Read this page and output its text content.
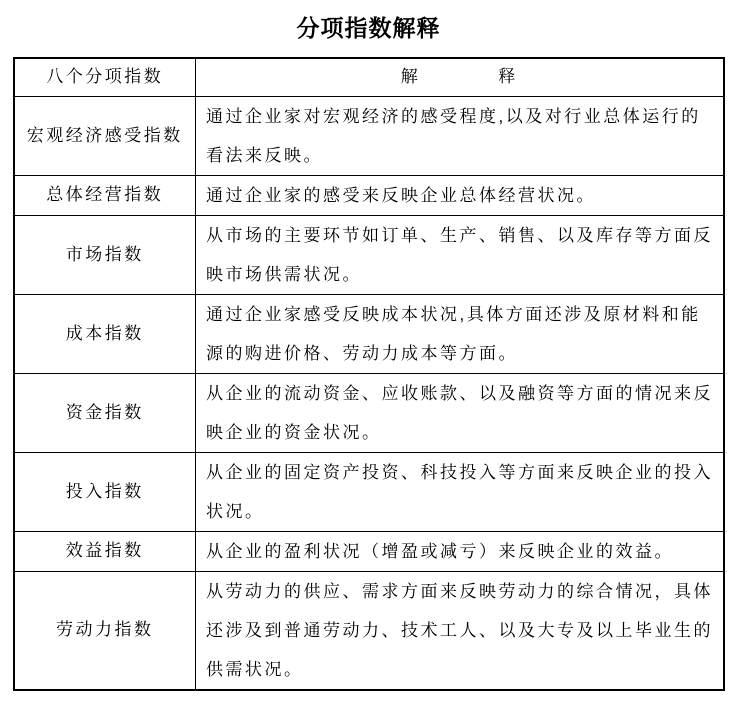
分项指数解释
八个分项指数	解　　　　释
宏观经济感受指数	通过企业家对宏观经济的感受程度,以及对行业总体运行的看法来反映。
总体经营指数	通过企业家的感受来反映企业总体经营状况。
市场指数	从市场的主要环节如订单、生产、销售、以及库存等方面反映市场供需状况。
成本指数	通过企业家感受反映成本状况,具体方面还涉及原材料和能源的购进价格、劳动力成本等方面。
资金指数	从企业的流动资金、应收账款、以及融资等方面的情况来反映企业的资金状况。
投入指数	从企业的固定资产投资、科技投入等方面来反映企业的投入状况。
效益指数	从企业的盈利状况（增盈或减亏）来反映企业的效益。
劳动力指数	从劳动力的供应、需求方面来反映劳动力的综合情况，具体还涉及到普通劳动力、技术工人、以及大专及以上毕业生的供需状况。
